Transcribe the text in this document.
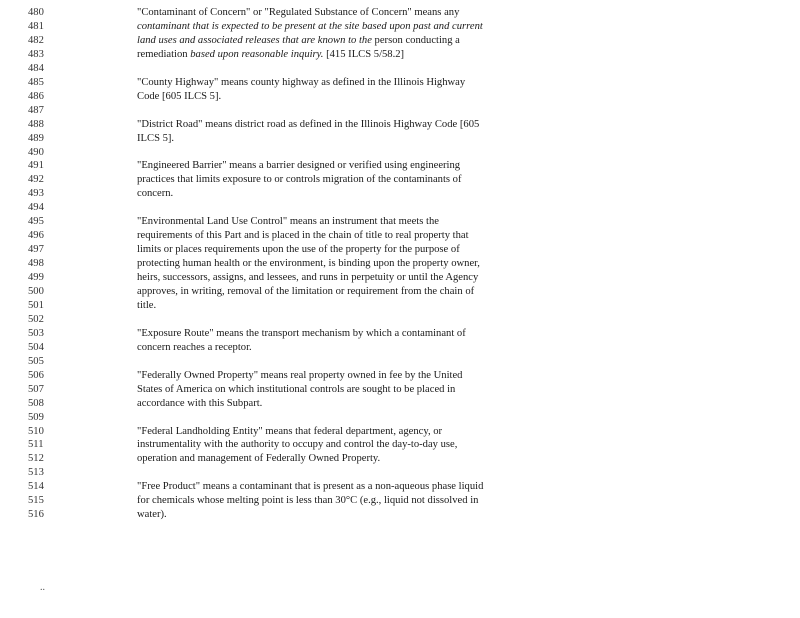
480	"Contaminant of Concern" or "Regulated Substance of Concern" means any
481	contaminant that is expected to be present at the site based upon past and current
482	land uses and associated releases that are known to the person conducting a
483	remediation based upon reasonable inquiry. [415 ILCS 5/58.2]
484
485	"County Highway" means county highway as defined in the Illinois Highway
486	Code [605 ILCS 5].
487
488	"District Road" means district road as defined in the Illinois Highway Code [605
489	ILCS 5].
490
491	"Engineered Barrier" means a barrier designed or verified using engineering
492	practices that limits exposure to or controls migration of the contaminants of
493	concern.
494
495	"Environmental Land Use Control" means an instrument that meets the
496	requirements of this Part and is placed in the chain of title to real property that
497	limits or places requirements upon the use of the property for the purpose of
498	protecting human health or the environment, is binding upon the property owner,
499	heirs, successors, assigns, and lessees, and runs in perpetuity or until the Agency
500	approves, in writing, removal of the limitation or requirement from the chain of
501	title.
502
503	"Exposure Route" means the transport mechanism by which a contaminant of
504	concern reaches a receptor.
505
506	"Federally Owned Property" means real property owned in fee by the United
507	States of America on which institutional controls are sought to be placed in
508	accordance with this Subpart.
509
510	"Federal Landholding Entity" means that federal department, agency, or
511	instrumentality with the authority to occupy and control the day-to-day use,
512	operation and management of Federally Owned Property.
513
514	"Free Product" means a contaminant that is present as a non-aqueous phase liquid
515	for chemicals whose melting point is less than 30°C (e.g., liquid not dissolved in
516	water).
..
